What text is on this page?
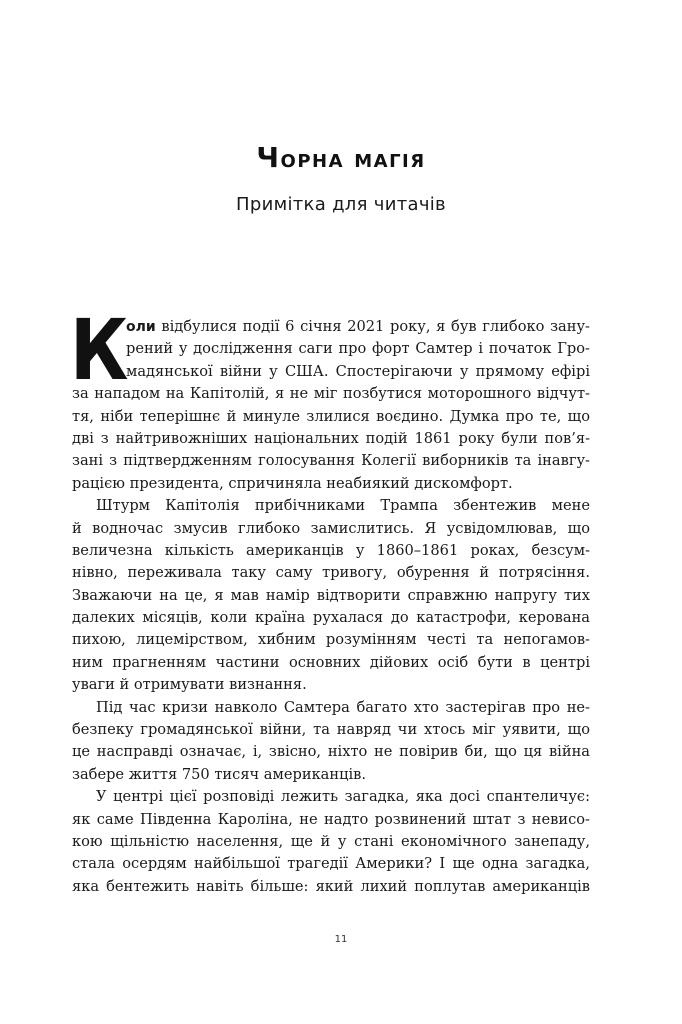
Чорна магія
Примітка для читачів
К
оли відбулися події 6 січня 2021 року, я був глибоко зану-
рений у дослідження саги про форт Самтер і початок Гро-
мадянської війни у США. Спостерігаючи у прямому ефірі
за нападом на Капітолій, я не міг позбутися моторошного відчут-
тя, ніби теперішнє й минуле злилися воєдино. Думка про те, що
дві з найтривожніших національних подій 1861 року були пов’я-
зані з підтвердженням голосування Колегії виборників та інавгу-
рацією президента, спричиняла неабиякий дискомфорт.
Штурм Капітолія прибічниками Трампа збентежив мене
й водночас змусив глибоко замислитись. Я усвідомлював, що
величезна кількість американців у 1860–1861 роках, безсум-
нівно, переживала таку саму тривогу, обурення й потрясіння.
Зважаючи на це, я мав намір відтворити справжню напругу тих
далеких місяців, коли країна рухалася до катастрофи, керована
пихою, лицемірством, хибним розумінням честі та непогамов-
ним прагненням частини основних дійових осіб бути в центрі
уваги й отримувати визнання.
Під час кризи навколо Самтера багато хто застерігав про не-
безпеку громадянської війни, та навряд чи хтось міг уявити, що
це насправді означає, і, звісно, ніхто не повірив би, що ця війна
забере життя 750 тисяч американців.
У центрі цієї розповіді лежить загадка, яка досі спантеличує:
як саме Південна Кароліна, не надто розвинений штат з невисо-
кою щільністю населення, ще й у стані економічного занепаду,
стала осердям найбільшої трагедії Америки? І ще одна загадка,
яка бентежить навіть більше: який лихий поплутав американців
11
